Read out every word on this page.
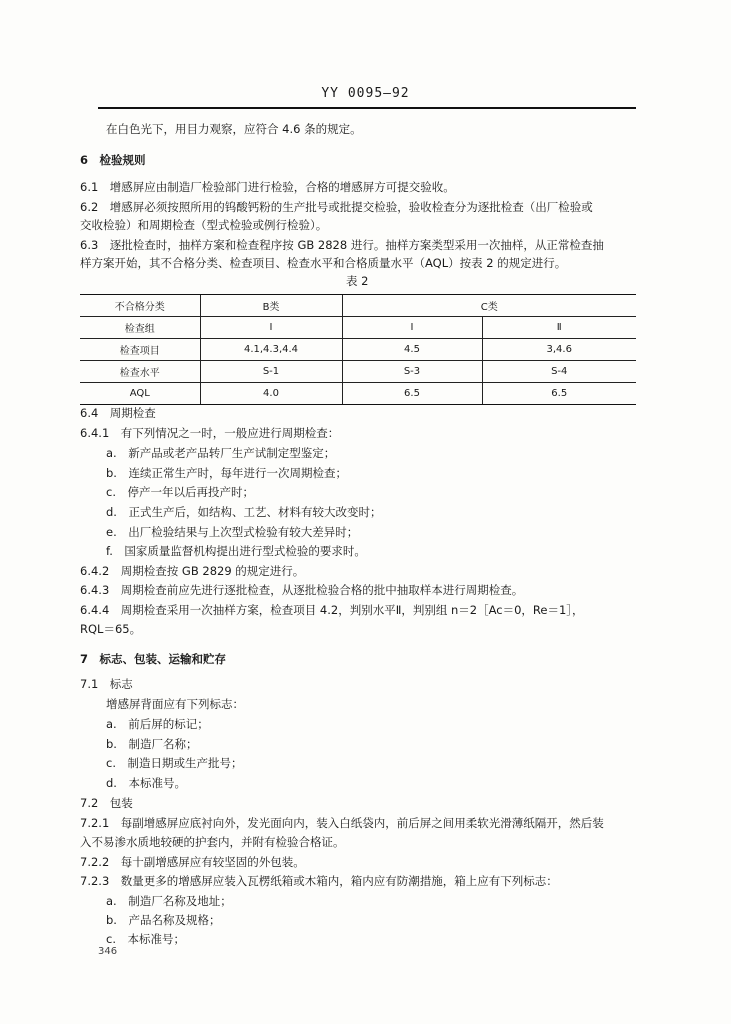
YY 0095—92
在白色光下，用目力观察，应符合 4.6 条的规定。
6　检验规则
6.1　增感屏应由制造厂检验部门进行检验，合格的增感屏方可提交验收。
6.2　增感屏必须按照所用的钨酸钙粉的生产批号或批提交检验，验收检查分为逐批检查（出厂检验或
交收检验）和周期检查（型式检验或例行检验）。
6.3　逐批检查时，抽样方案和检查程序按 GB 2828 进行。抽样方案类型采用一次抽样，从正常检查抽
样方案开始，其不合格分类、检查项目、检查水平和合格质量水平（AQL）按表 2 的规定进行。
表 2
不合格分类	B类	C类	
检查组	Ⅰ	Ⅰ	Ⅱ
检查项目	4.1,4.3,4.4	4.5	3,4.6
检查水平	S-1	S-3	S-4
AQL	4.0	6.5	6.5
6.4　周期检查
6.4.1　有下列情况之一时，一般应进行周期检查：
a.　新产品或老产品转厂生产试制定型鉴定；
b.　连续正常生产时，每年进行一次周期检查；
c.　停产一年以后再投产时；
d.　正式生产后，如结构、工艺、材料有较大改变时；
e.　出厂检验结果与上次型式检验有较大差异时；
f.　国家质量监督机构提出进行型式检验的要求时。
6.4.2　周期检查按 GB 2829 的规定进行。
6.4.3　周期检查前应先进行逐批检查，从逐批检验合格的批中抽取样本进行周期检查。
6.4.4　周期检查采用一次抽样方案，检查项目 4.2，判别水平Ⅱ，判别组 n＝2［Ac＝0，Re＝1］，
RQL＝65。
7　标志、包装、运输和贮存
7.1　标志
增感屏背面应有下列标志：
a.　前后屏的标记；
b.　制造厂名称；
c.　制造日期或生产批号；
d.　本标准号。
7.2　包装
7.2.1　每副增感屏应底衬向外，发光面向内，装入白纸袋内，前后屏之间用柔软光滑薄纸隔开，然后装
入不易渗水质地较硬的护套内，并附有检验合格证。
7.2.2　每十副增感屏应有较坚固的外包装。
7.2.3　数量更多的增感屏应装入瓦楞纸箱或木箱内，箱内应有防潮措施，箱上应有下列标志：
a.　制造厂名称及地址；
b.　产品名称及规格；
c.　本标准号；
346
